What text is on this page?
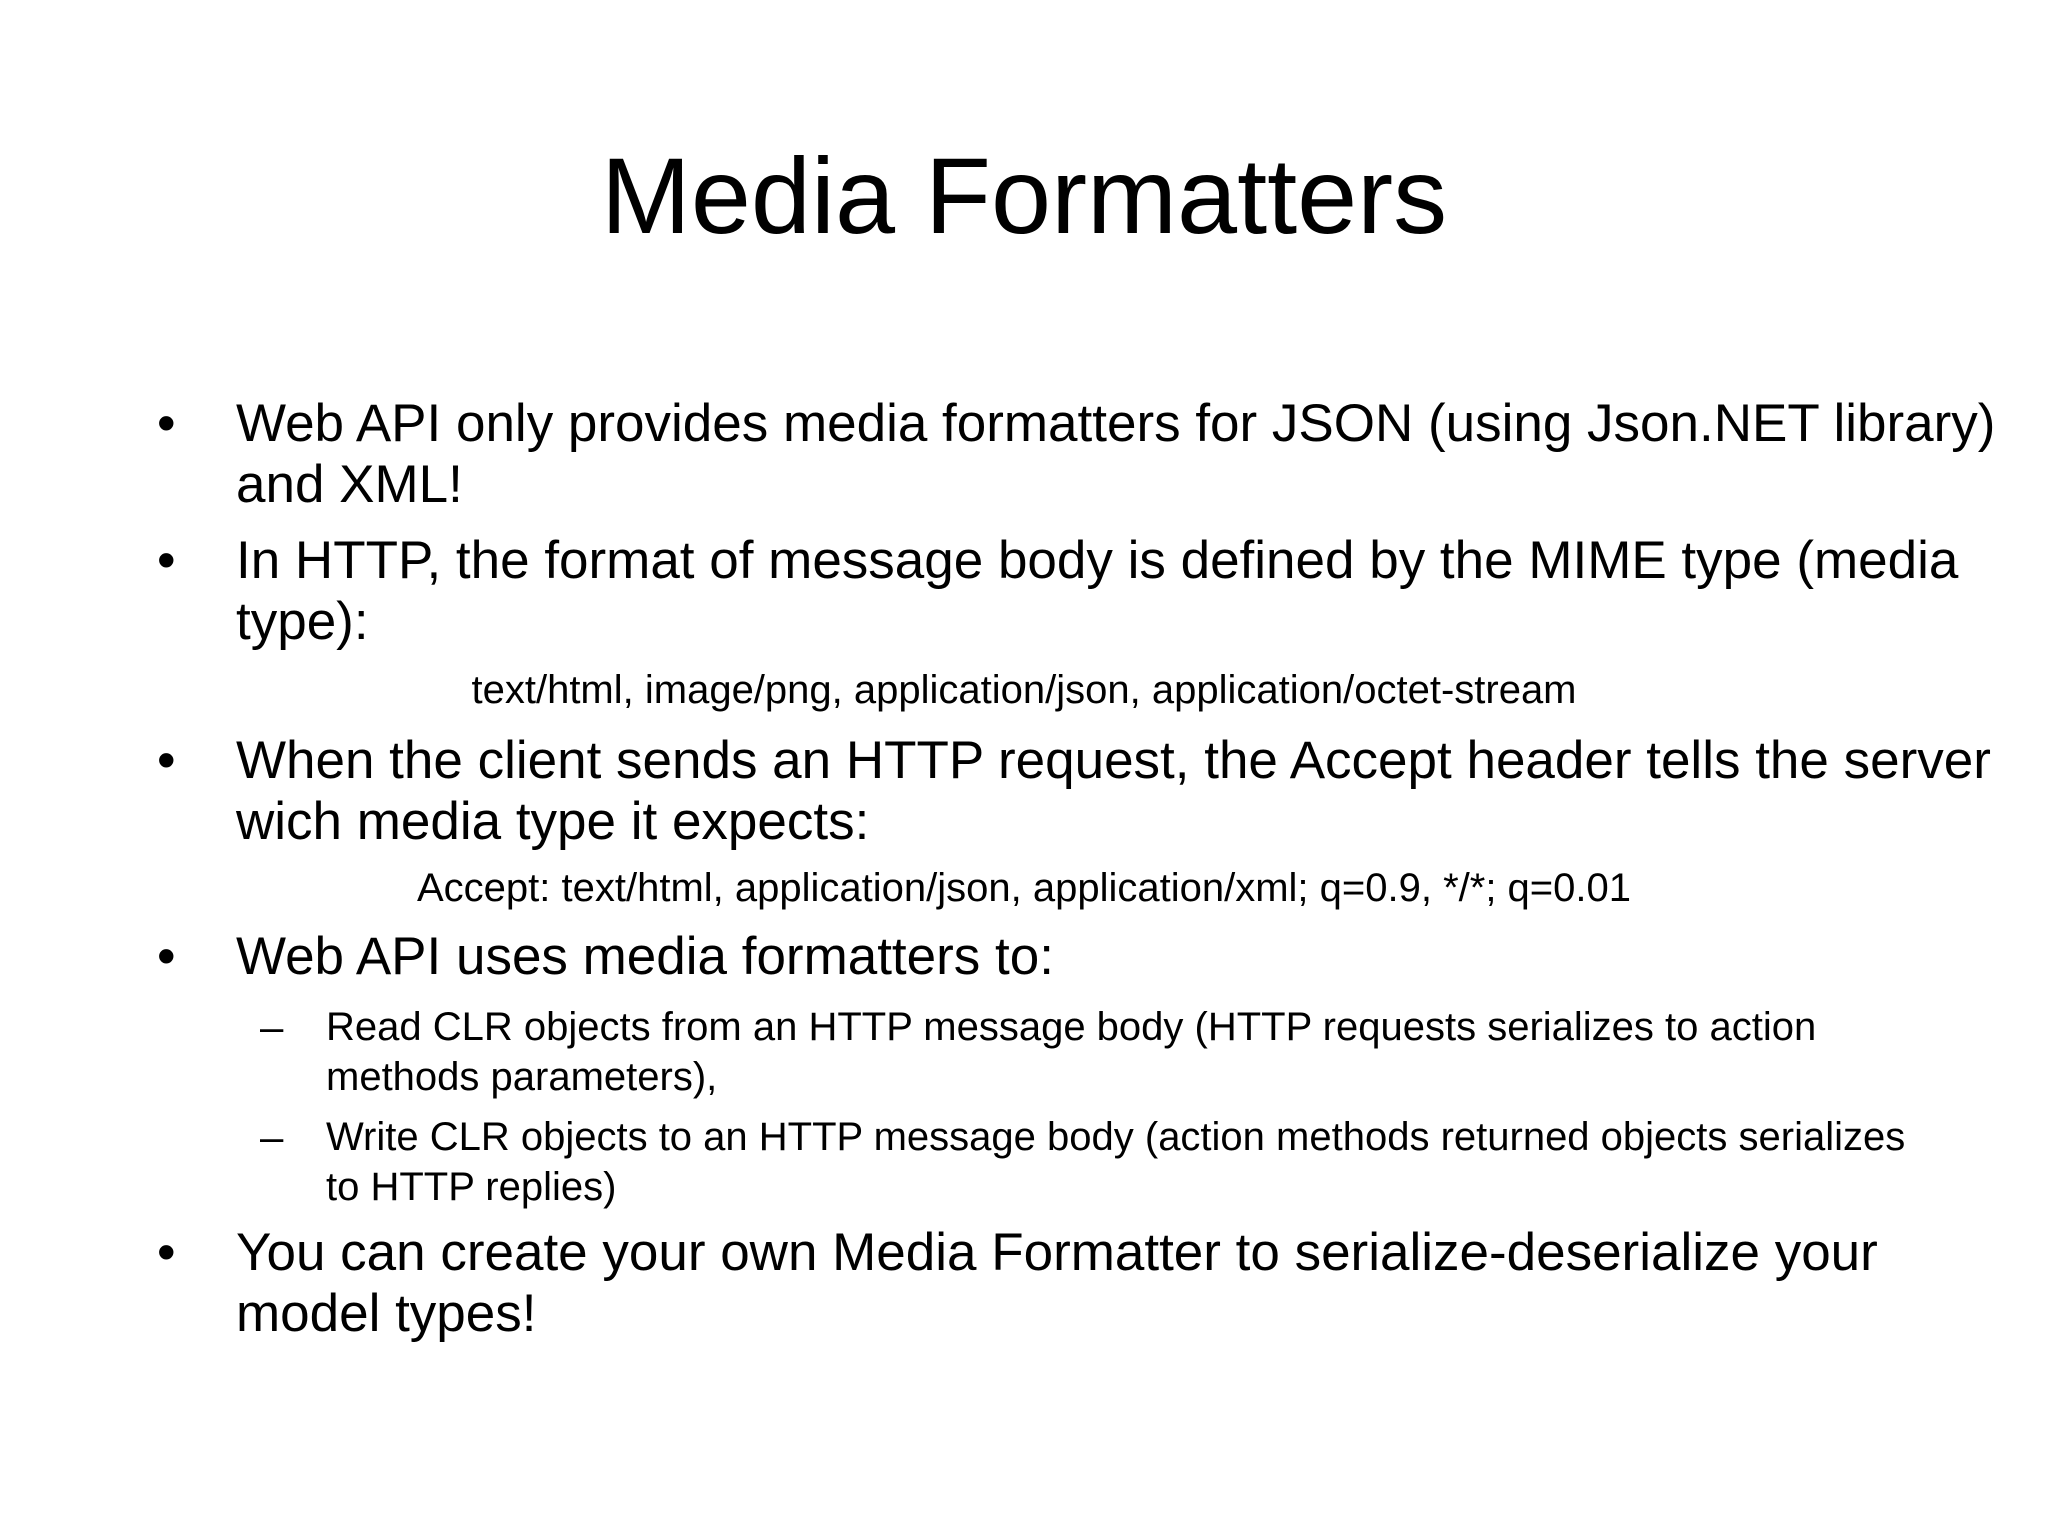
Media Formatters
• Web API only provides media formatters for JSON (using Json.NET library)
and XML!
• In HTTP, the format of message body is defined by the MIME type (media
type):
text/html, image/png, application/json, application/octet-stream
• When the client sends an HTTP request, the Accept header tells the server
wich media type it expects:
Accept: text/html, application/json, application/xml; q=0.9, */*; q=0.01
• Web API uses media formatters to:
– Read CLR objects from an HTTP message body (HTTP requests serializes to action
methods parameters),
– Write CLR objects to an HTTP message body (action methods returned objects serializes
to HTTP replies)
• You can create your own Media Formatter to serialize-deserialize your
model types!
